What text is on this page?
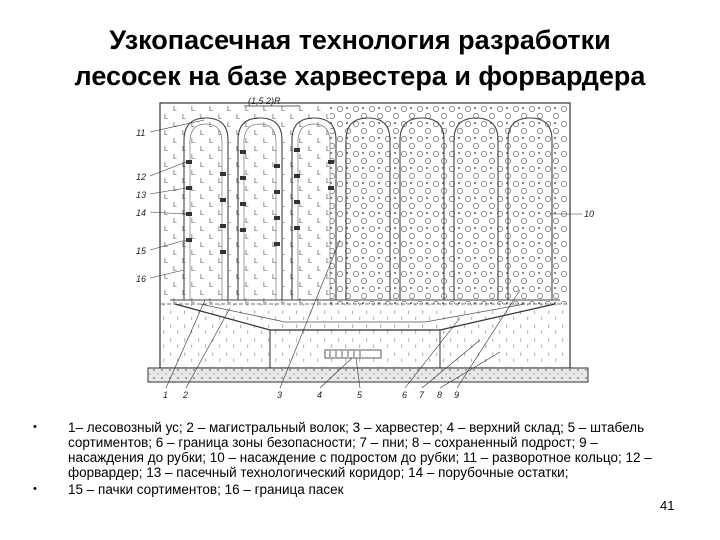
Узкопасечная технология разработки
лесосек на базе харвестера и форвардера
(1,5 2)R
11
12
13
14
15
16
10
1 2	3	4	5	6 7 8 9
• 1– лесовозный ус; 2 – магистральный волок; 3 – харвестер; 4 – верхний склад; 5 – штабель сортиментов; 6 – граница зоны безопасности; 7 – пни; 8 – сохраненный подрост; 9 – насаждения до рубки; 10 – насаждение с подростом до рубки; 11 – разворотное кольцо; 12 – форвардер; 13 – пасечный технологический коридор; 14 – порубочные остатки;
• 15 – пачки сортиментов; 16 – граница пасек
41
